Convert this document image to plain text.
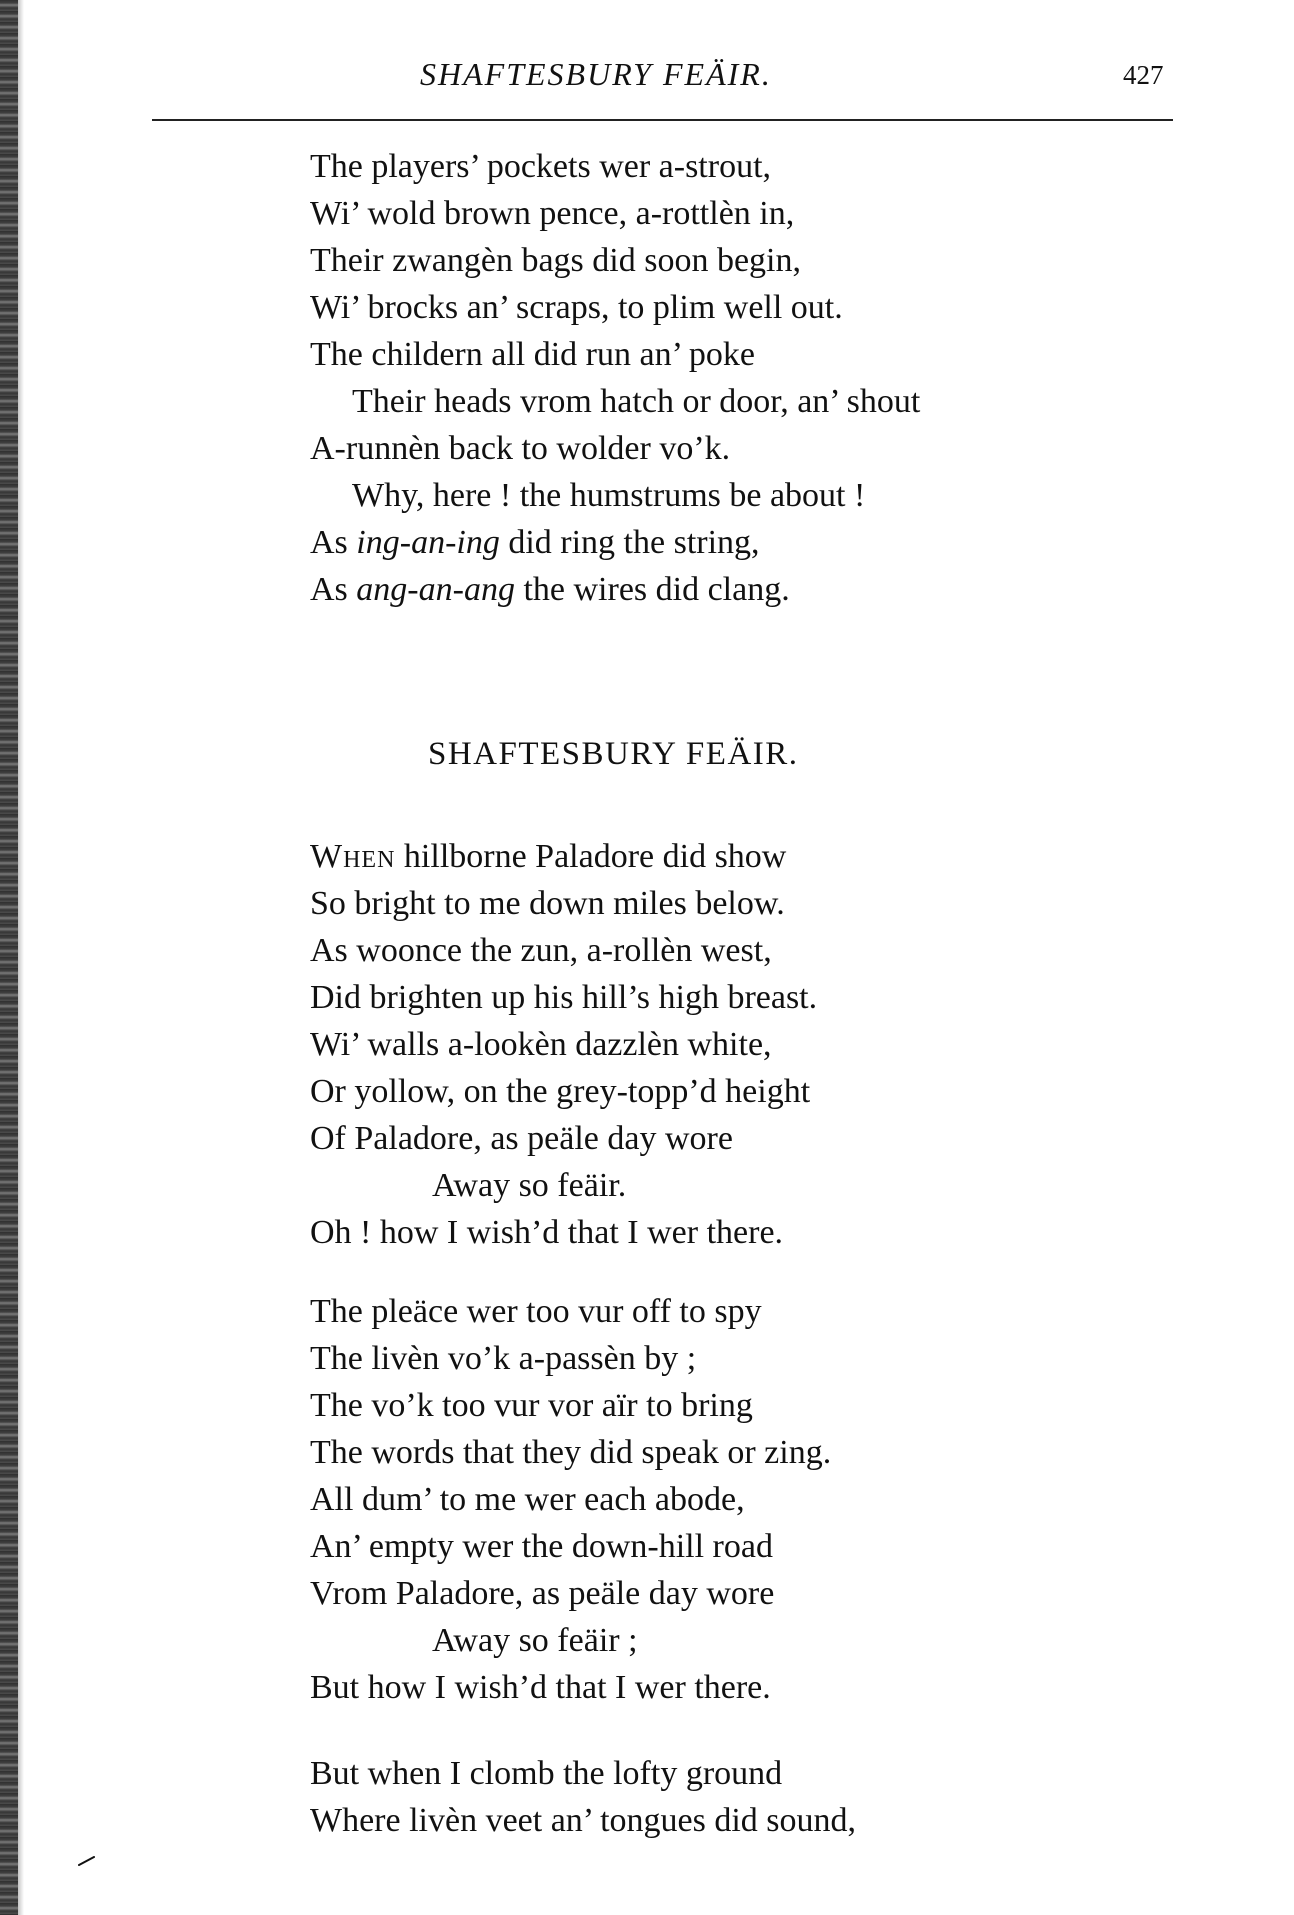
SHAFTESBURY FEÄIR.	427
The players’ pockets wer a-strout,
Wi’ wold brown pence, a-rottlèn in,
Their zwangèn bags did soon begin,
Wi’ brocks an’ scraps, to plim well out.
The childern all did run an’ poke
Their heads vrom hatch or door, an’ shout
A-runnèn back to wolder vo’k.
Why, here ! the humstrums be about !
As ing-an-ing did ring the string,
As ang-an-ang the wires did clang.
SHAFTESBURY FEÄIR.
When hillborne Paladore did show
So bright to me down miles below.
As woonce the zun, a-rollèn west,
Did brighten up his hill’s high breast.
Wi’ walls a-lookèn dazzlèn white,
Or yollow, on the grey-topp’d height
Of Paladore, as peäle day wore
Away so feäir.
Oh ! how I wish’d that I wer there.
The pleäce wer too vur off to spy
The livèn vo’k a-passèn by ;
The vo’k too vur vor aïr to bring
The words that they did speak or zing.
All dum’ to me wer each abode,
An’ empty wer the down-hill road
Vrom Paladore, as peäle day wore
Away so feäir ;
But how I wish’d that I wer there.
But when I clomb the lofty ground
Where livèn veet an’ tongues did sound,
